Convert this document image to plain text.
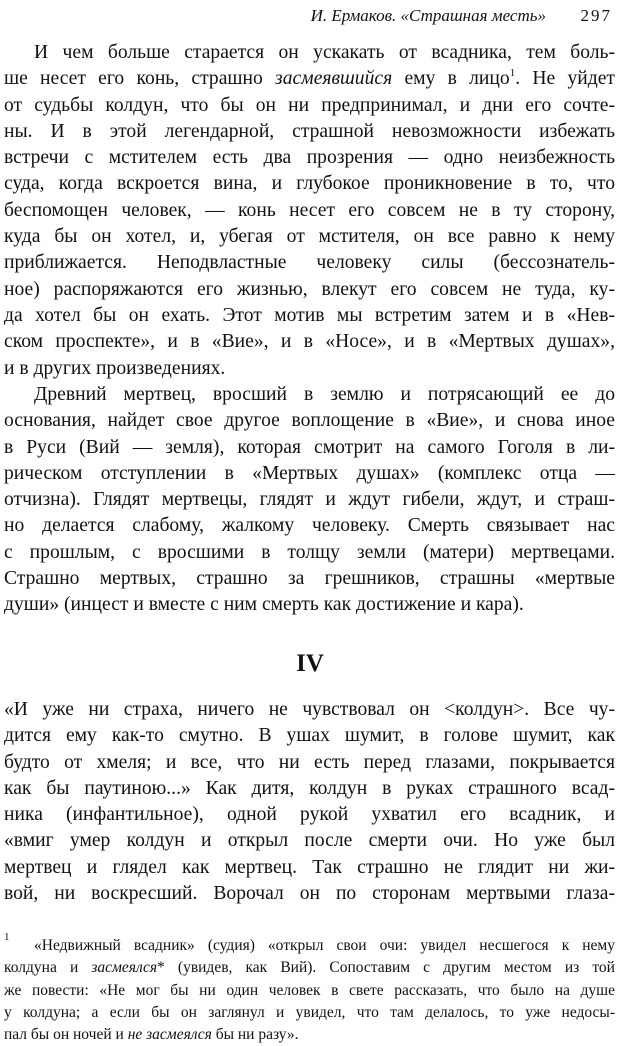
И. Ермаков. «Страшная месть» 297
И чем больше старается он ускакать от всадника, тем боль-
ше несет его конь, страшно засмеявшийся ему в лицо$^1$. Не уйдет
от судьбы колдун, что бы он ни предпринимал, и дни его сочте-
ны. И в этой легендарной, страшной невозможности избежать
встречи с мстителем есть два прозрения — одно неизбежность
суда, когда вскроется вина, и глубокое проникновение в то, что
беспомощен человек, — конь несет его совсем не в ту сторону,
куда бы он хотел, и, убегая от мстителя, он все равно к нему
приближается. Неподвластные человеку силы (бессознатель-
ное) распоряжаются его жизнью, влекут его совсем не туда, ку-
да хотел бы он ехать. Этот мотив мы встретим затем и в «Нев-
ском проспекте», и в «Вие», и в «Носе», и в «Мертвых душах»,
и в других произведениях.
Древний мертвец, вросший в землю и потрясающий ее до
основания, найдет свое другое воплощение в «Вие», и снова иное
в Руси (Вий — земля), которая смотрит на самого Гоголя в ли-
рическом отступлении в «Мертвых душах» (комплекс отца —
отчизна). Глядят мертвецы, глядят и ждут гибели, ждут, и страш-
но делается слабому, жалкому человеку. Смерть связывает нас
с прошлым, с вросшими в толщу земли (матери) мертвецами.
Страшно мертвых, страшно за грешников, страшны «мертвые
души» (инцест и вместе с ним смерть как достижение и кара).
IV
«И уже ни страха, ничего не чувствовал он <колдун>. Все чу-
дится ему как-то смутно. В ушах шумит, в голове шумит, как
будто от хмеля; и все, что ни есть перед глазами, покрывается
как бы паутиною...» Как дитя, колдун в руках страшного всад-
ника (инфантильное), одной рукой ухватил его всадник, и
«вмиг умер колдун и открыл после смерти очи. Но уже был
мертвец и глядел как мертвец. Так страшно не глядит ни жи-
вой, ни воскресший. Ворочал он по сторонам мертвыми глаза-
1	«Недвижный всадник» (судия) «открыл свои очи: увидел несшегося к нему
колдуна и засмеялся* (увидев, как Вий). Сопоставим с другим местом из той
же повести: «Не мог бы ни один человек в свете рассказать, что было на душе
у колдуна; а если бы он заглянул и увидел, что там делалось, то уже недосы-
пал бы он ночей и не засмеялся бы ни разу».
